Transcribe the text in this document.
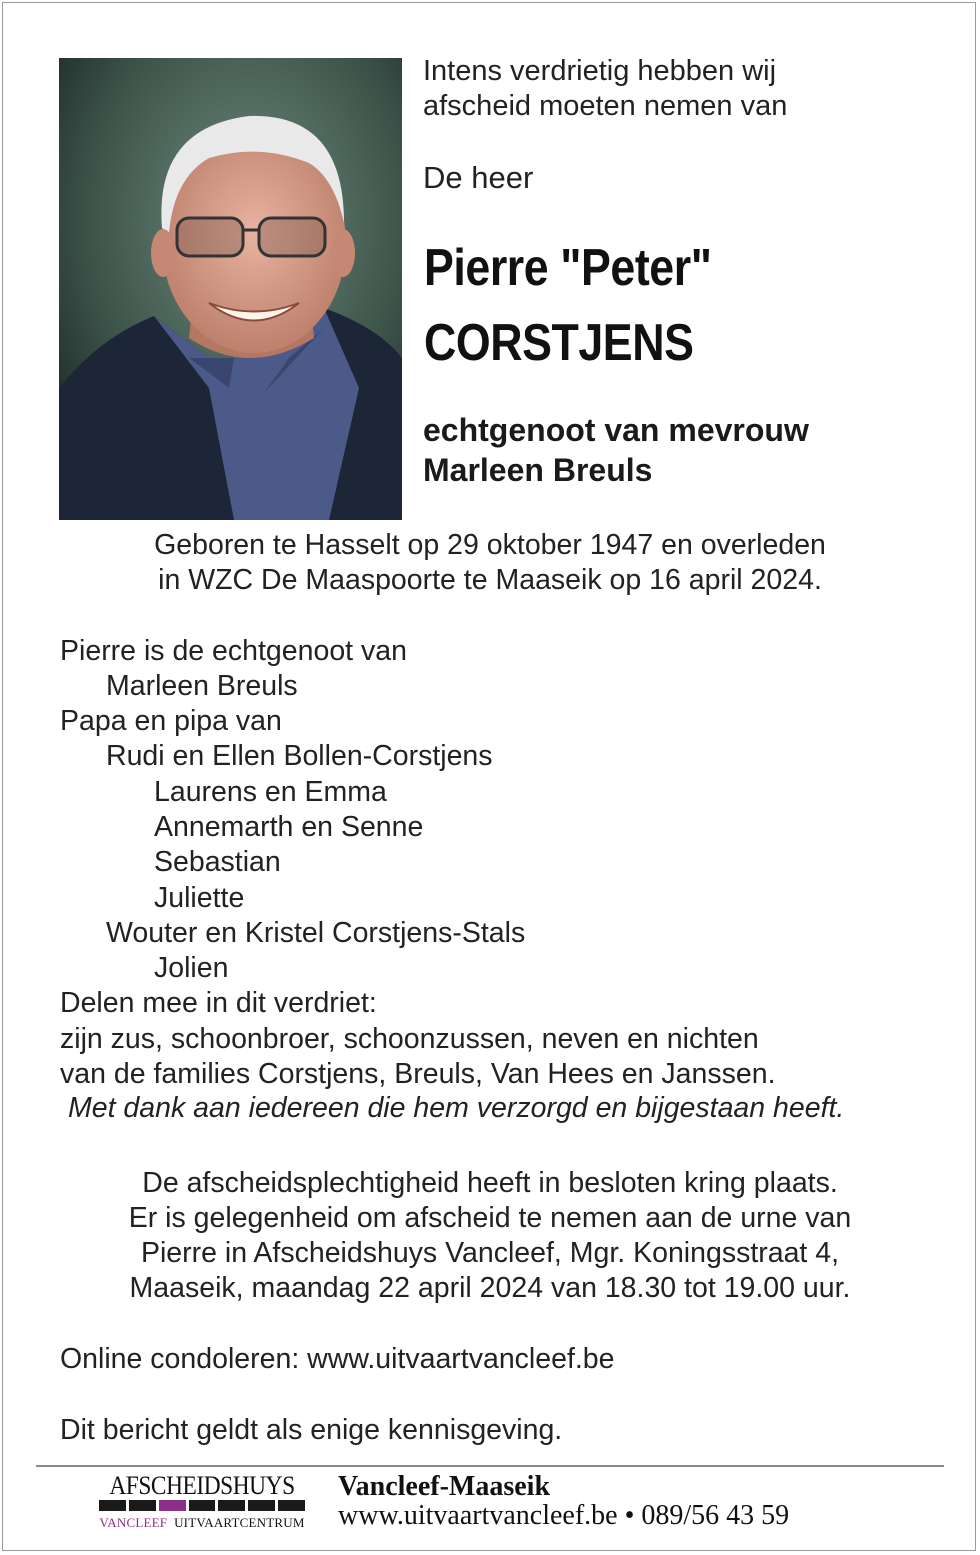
Intens verdrietig hebben wij
afscheid moeten nemen van
De heer
Pierre "Peter"
CORSTJENS
echtgenoot van mevrouw
Marleen Breuls
Geboren te Hasselt op 29 oktober 1947 en overleden
in WZC De Maaspoorte te Maaseik op 16 april 2024.
Pierre is de echtgenoot van
Marleen Breuls
Papa en pipa van
Rudi en Ellen Bollen-Corstjens
Laurens en Emma
Annemarth en Senne
Sebastian
Juliette
Wouter en Kristel Corstjens-Stals
Jolien
Delen mee in dit verdriet:
zijn zus, schoonbroer, schoonzussen, neven en nichten
van de families Corstjens, Breuls, Van Hees en Janssen.
Met dank aan iedereen die hem verzorgd en bijgestaan heeft.
De afscheidsplechtigheid heeft in besloten kring plaats.
Er is gelegenheid om afscheid te nemen aan de urne van
Pierre in Afscheidshuys Vancleef, Mgr. Koningsstraat 4,
Maaseik, maandag 22 april 2024 van 18.30 tot 19.00 uur.
Online condoleren: www.uitvaartvancleef.be
Dit bericht geldt als enige kennisgeving.
AFSCHEIDSHUYS
VANCLEEF UITVAARTCENTRUM
Vancleef-Maaseik
www.uitvaartvancleef.be • 089/56 43 59
